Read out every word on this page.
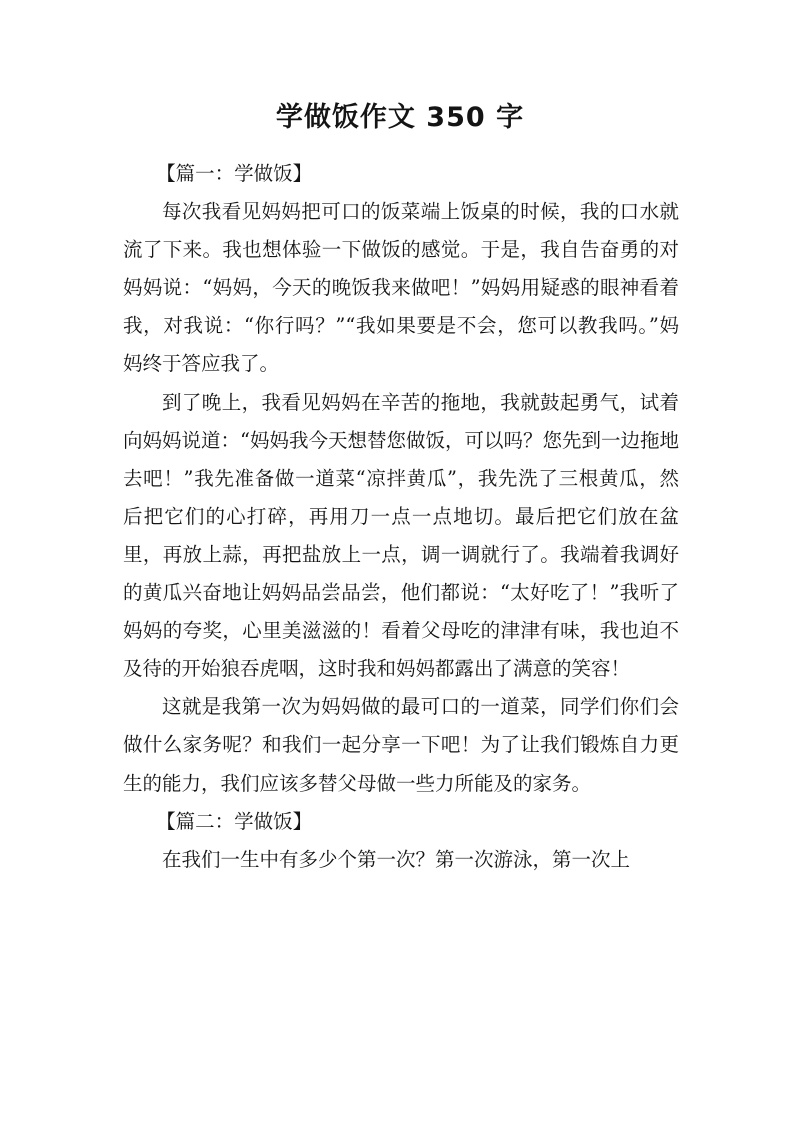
学做饭作文 350 字

【篇一：学做饭】

每次我看见妈妈把可口的饭菜端上饭桌的时候，我的口水就流了下来。我也想体验一下做饭的感觉。于是，我自告奋勇的对妈妈说：“妈妈，今天的晚饭我来做吧！”妈妈用疑惑的眼神看着我，对我说：“你行吗？”“我如果要是不会，您可以教我吗。”妈妈终于答应我了。

到了晚上，我看见妈妈在辛苦的拖地，我就鼓起勇气，试着向妈妈说道：“妈妈我今天想替您做饭，可以吗？您先到一边拖地去吧！”我先准备做一道菜“凉拌黄瓜”，我先洗了三根黄瓜，然后把它们的心打碎，再用刀一点一点地切。最后把它们放在盆里，再放上蒜，再把盐放上一点，调一调就行了。我端着我调好的黄瓜兴奋地让妈妈品尝品尝，他们都说：“太好吃了！”我听了妈妈的夸奖，心里美滋滋的！看着父母吃的津津有味，我也迫不及待的开始狼吞虎咽，这时我和妈妈都露出了满意的笑容！

这就是我第一次为妈妈做的最可口的一道菜，同学们你们会做什么家务呢？和我们一起分享一下吧！为了让我们锻炼自力更生的能力，我们应该多替父母做一些力所能及的家务。

【篇二：学做饭】

在我们一生中有多少个第一次？第一次游泳，第一次上
